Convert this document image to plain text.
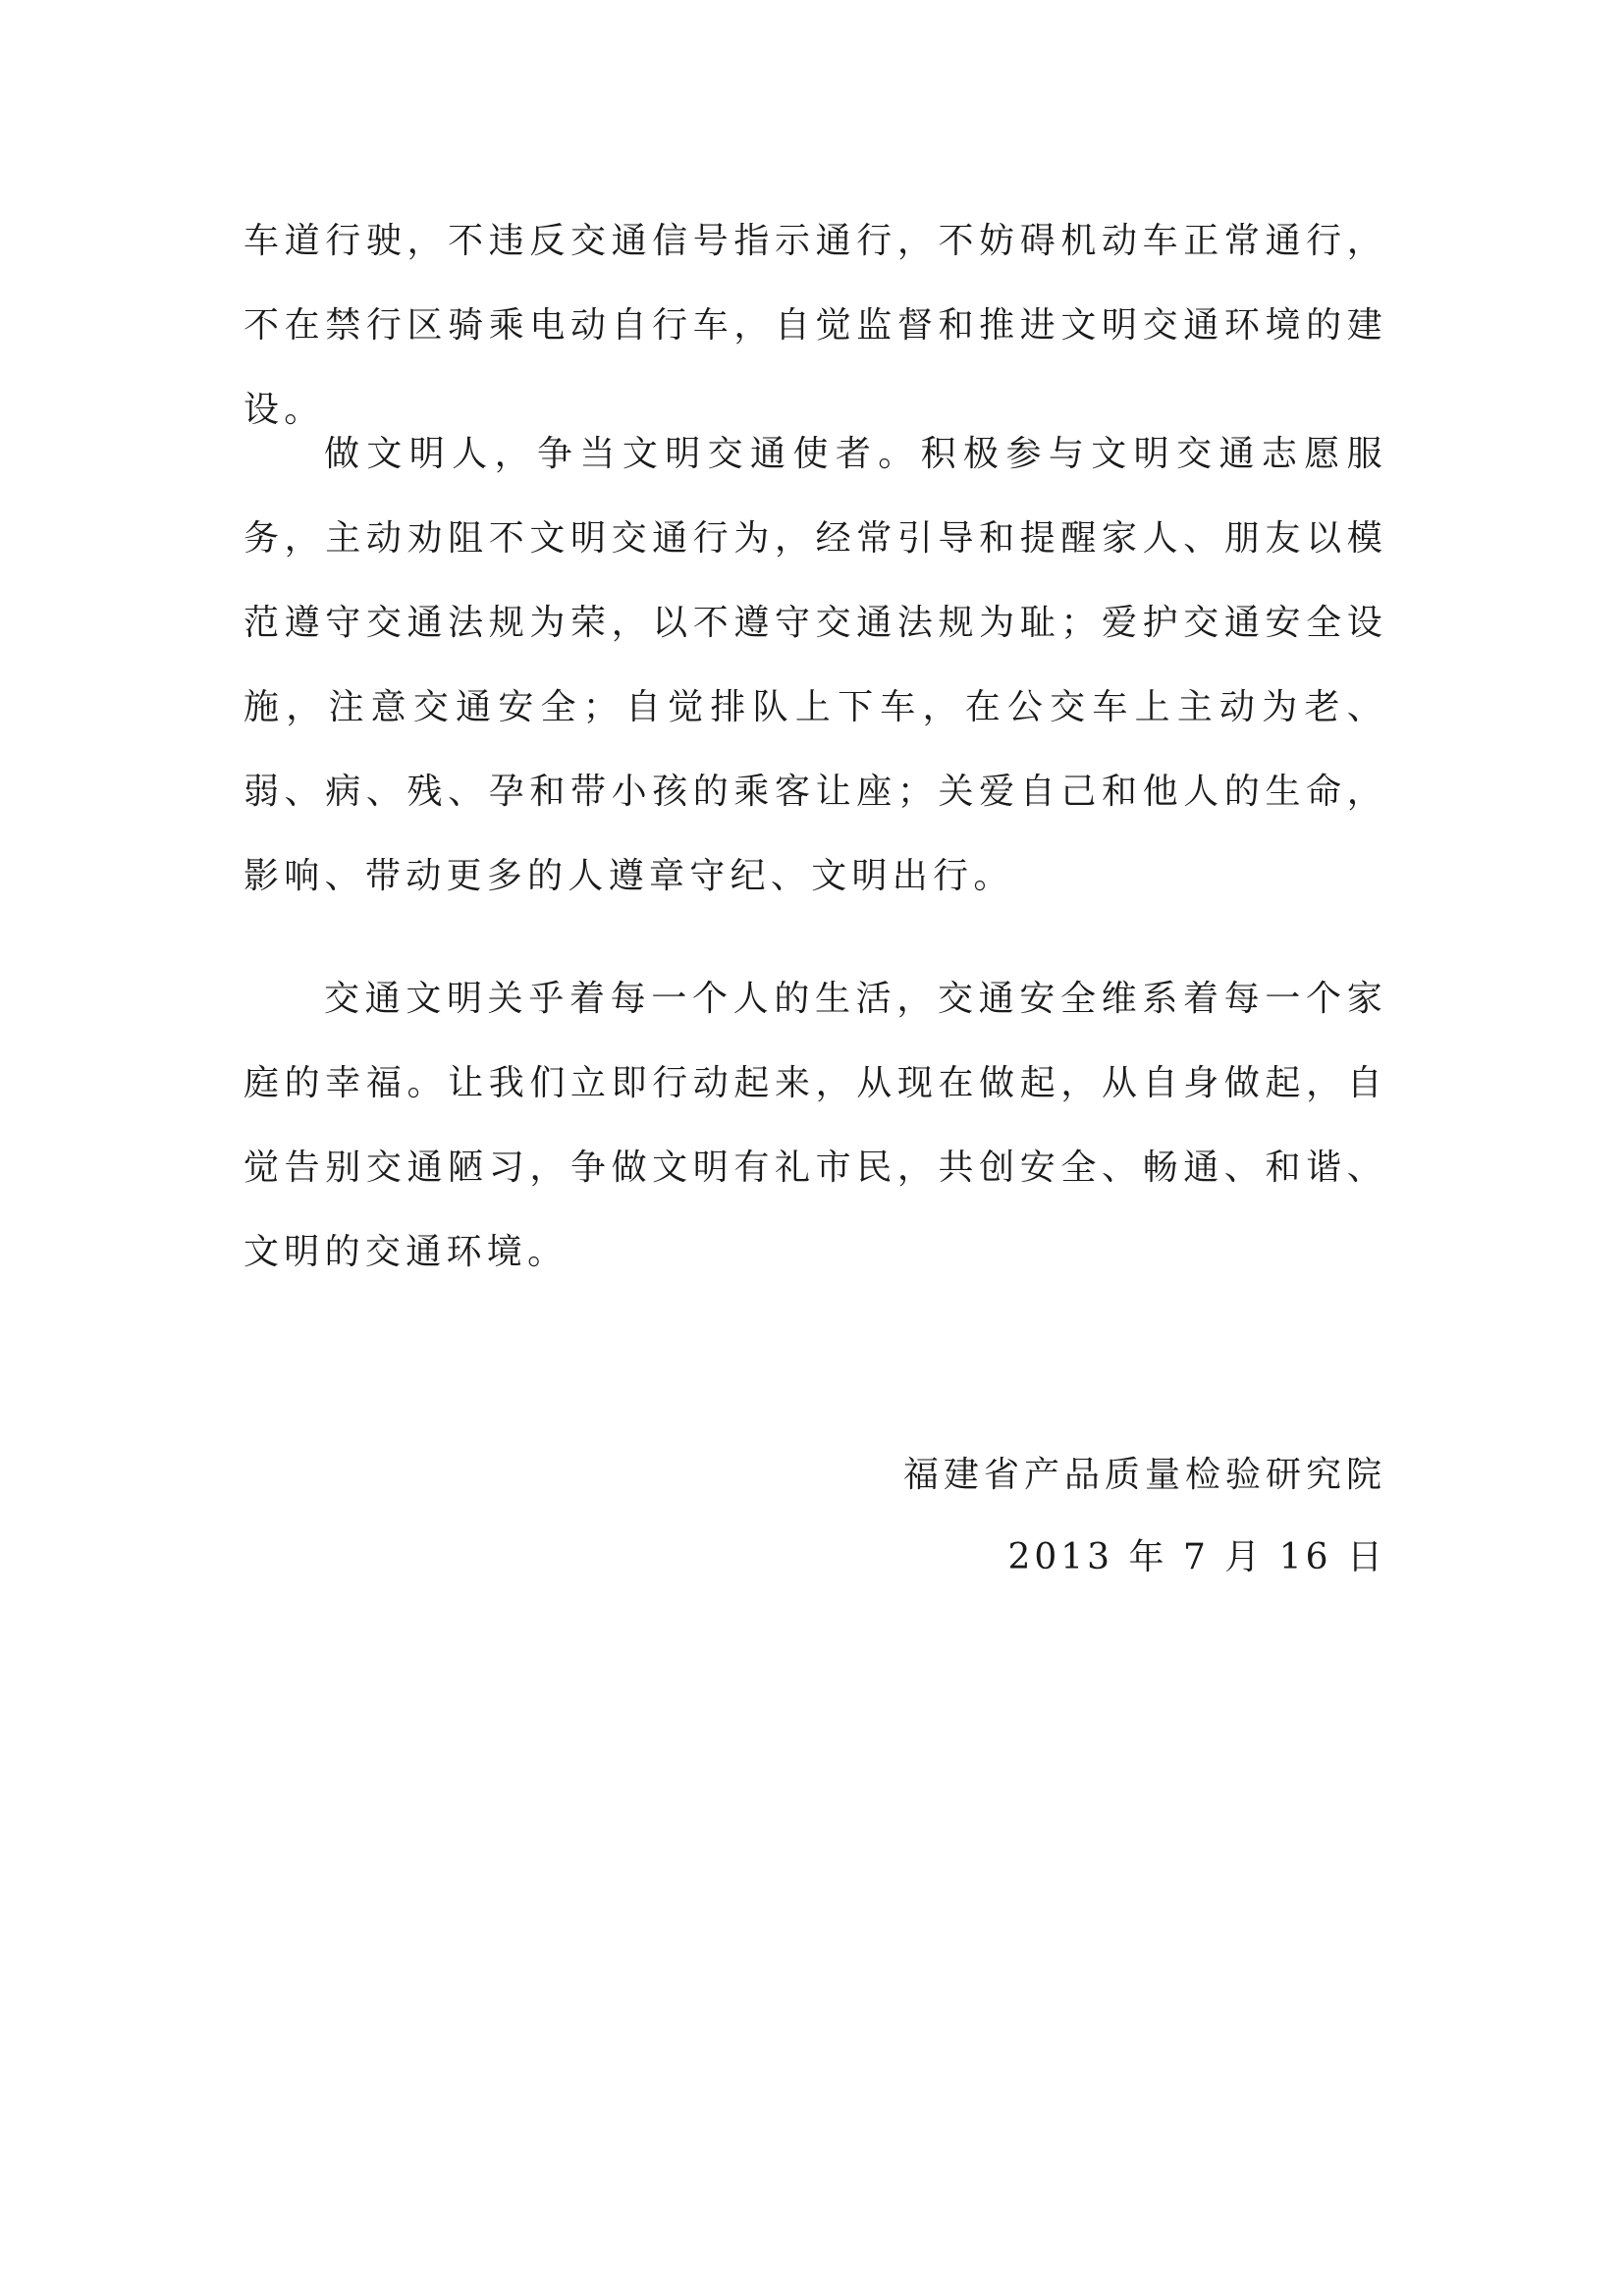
车道行驶，不违反交通信号指示通行，不妨碍机动车正常通行，不在禁行区骑乘电动自行车，自觉监督和推进文明交通环境的建设。

做文明人，争当文明交通使者。积极参与文明交通志愿服务，主动劝阻不文明交通行为，经常引导和提醒家人、朋友以模范遵守交通法规为荣，以不遵守交通法规为耻；爱护交通安全设施，注意交通安全；自觉排队上下车，在公交车上主动为老、弱、病、残、孕和带小孩的乘客让座；关爱自己和他人的生命，影响、带动更多的人遵章守纪、文明出行。

交通文明关乎着每一个人的生活，交通安全维系着每一个家庭的幸福。让我们立即行动起来，从现在做起，从自身做起，自觉告别交通陋习，争做文明有礼市民，共创安全、畅通、和谐、文明的交通环境。

福建省产品质量检验研究院

2013 年 7 月 16 日
